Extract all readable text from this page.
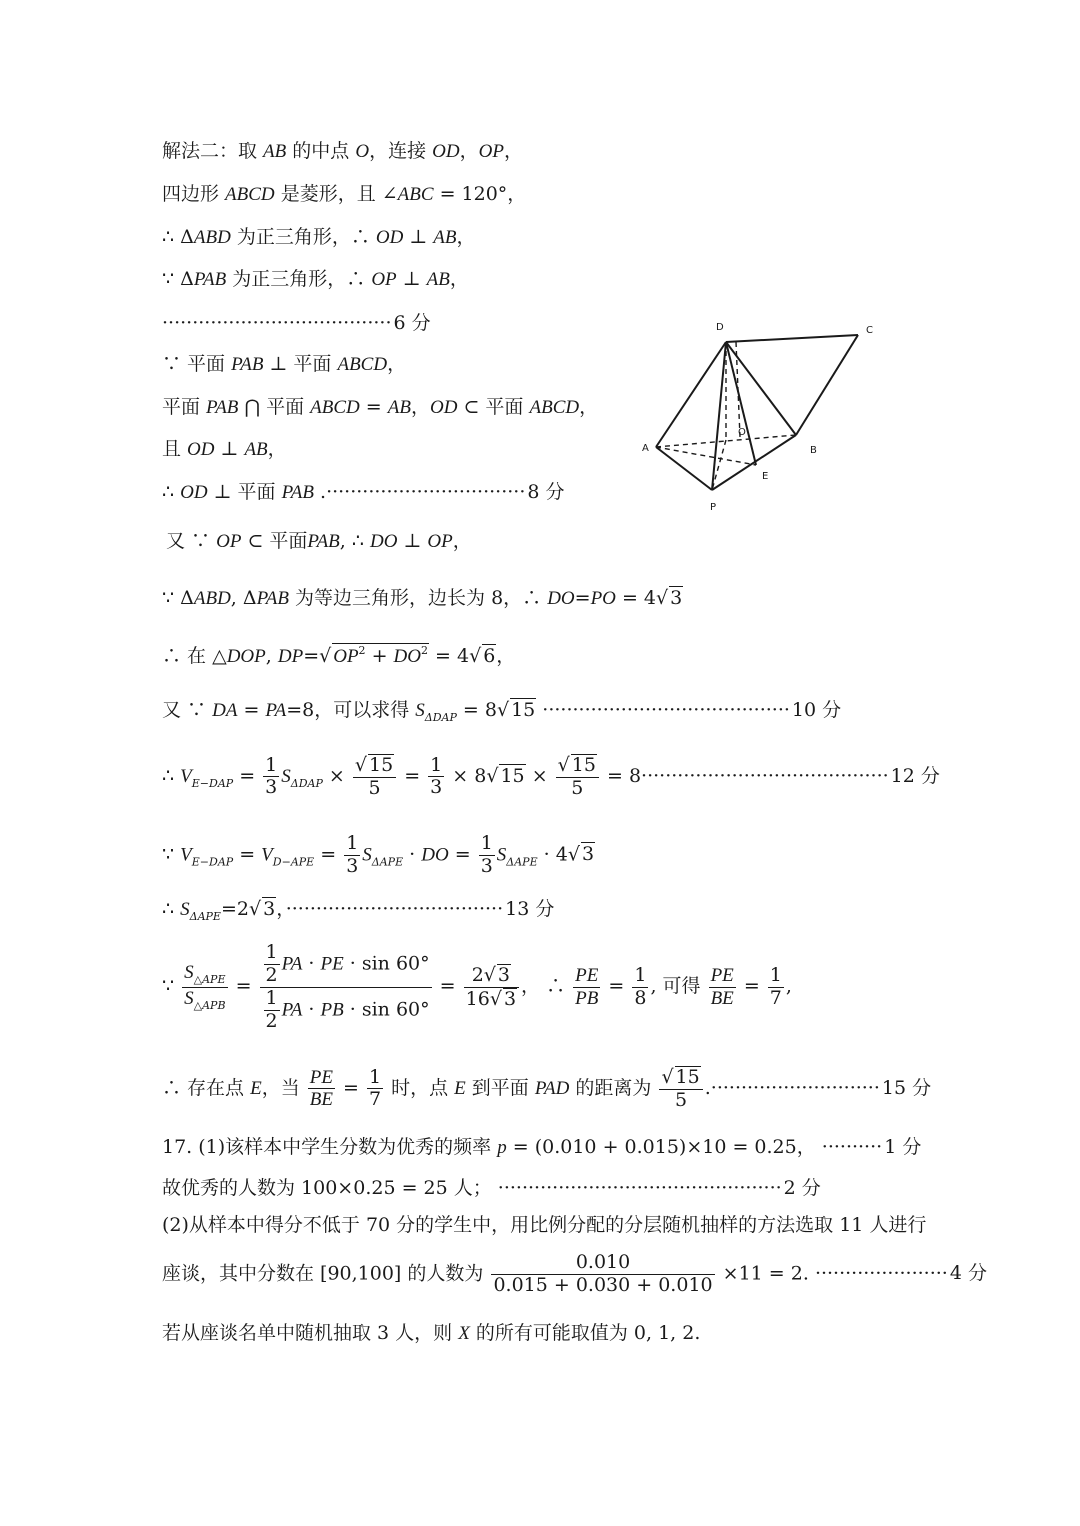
解法二：取 AB 的中点 O，连接 OD，OP，
四边形 ABCD 是菱形，且 ∠ABC = 120°，
∴ ΔABD 为正三角形，∴ OD ⊥ AB，
∵ ΔPAB 为正三角形，∴ OP ⊥ AB，
······································ 6 分
∵ 平面 PAB ⊥ 平面 ABCD，
平面 PAB ⋂ 平面 ABCD = AB，OD ⊂ 平面 ABCD，
且 OD ⊥ AB，
∴ OD ⊥ 平面 PAB .································· 8 分
又 ∵ OP ⊂ 平面PAB, ∴ DO ⊥ OP，
∵ ΔABD, ΔPAB 为等边三角形，边长为 8，∴ DO=PO = 4√ 3
∴ 在 △DOP, DP=√ $OP^2 + DO^2 = 4√$ 6，
又 ∵ DA = PA=8，可以求得 $S_{\Delta DAP} = 8√$ 15 ········································· 10 分
∴ $V_{E-DAP} = \frac{1}{3} S_{\Delta DAP} \times \frac{√ 15}{5} = \frac{1}{3} \times 8√$ $15 \times \frac{√ 15}{5} = 8\cdot\cdot\cdot\cdot\cdot\cdot\cdot\cdot\cdot\cdot\cdot\cdot\cdot\cdot\cdot\cdot\cdot\cdot\cdot\cdot\cdot\cdot\cdot\cdot\cdot\cdot\cdot\cdot\cdot\cdot\cdot\cdot\cdot\cdot\cdot\cdot\cdot\cdot\cdot\cdot\cdot 12$ 分
∵ $V_{E-DAP} = V_{D-APE} = \frac{1}{3} S_{\Delta APE}$ · DO = $\frac{1}{3} S_{\Delta APE} \cdot 4√$ 3
∴ $S_{\Delta APE}=2√$ 3，···································· 13 分
∵ $\frac{S_{\triangle APE}}{S_{\triangle APB}} = \frac{\frac{1}{2} PA \cdot PE \cdot \sin 60^\circ}{\frac{1}{2} PA \cdot PB \cdot \sin 60^\circ} = \frac{2√ 3}{16√ 3}$ ， ∴ $\frac{PE}{PB} = \frac{1}{8}$ , 可得 $\frac{PE}{BE} = \frac{1}{7}$ ,
∴ 存在点 E，当 $\frac{PE}{BE} = \frac{1}{7}$ 时，点 E 到平面 PAD 的距离为 $\frac{√ 15}{5}$ .···························· 15 分
17. (1)该样本中学生分数为优秀的频率 p = (0.010 + 0.015)×10 = 0.25， ·········· 1 分
故优秀的人数为 100×0.25 = 25 人； ··············································· 2 分
(2)从样本中得分不低于 70 分的学生中，用比例分配的分层随机抽样的方法选取 11 人进行
座谈，其中分数在 [90,100] 的人数为 $\frac{0.010}{0.015 + 0.030 + 0.010} \times 11 = 2$. ······················ 4 分
若从座谈名单中随机抽取 3 人，则 X 的所有可能取值为 0, 1, 2.
D	C
O
A	B
E
P
